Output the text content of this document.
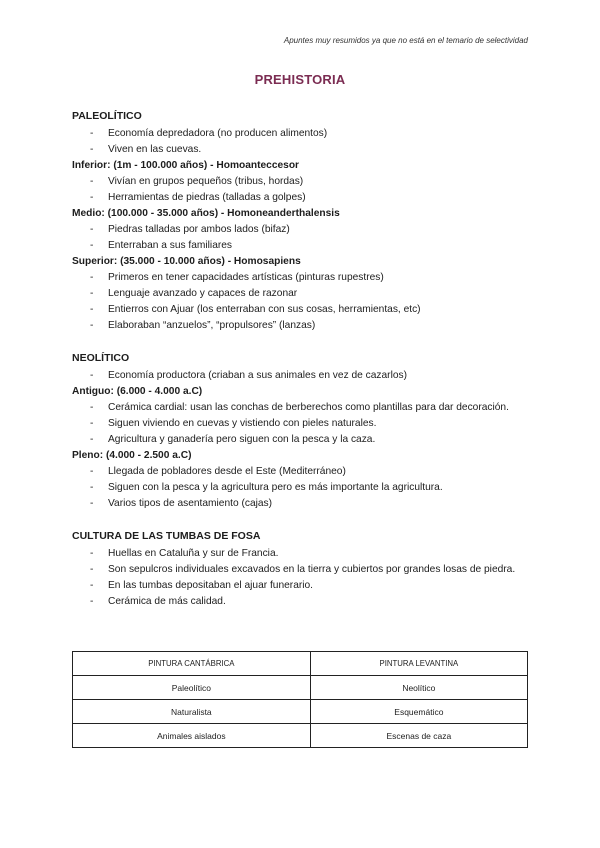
Apuntes muy resumidos ya que no está en el temario de selectividad
PREHISTORIA
PALEOLÍTICO
- Economía depredadora (no producen alimentos)
- Viven en las cuevas.
Inferior: (1m - 100.000 años) - Homoanteccesor
- Vivían en grupos pequeños (tribus, hordas)
- Herramientas de piedras (talladas a golpes)
Medio: (100.000 - 35.000 años) - Homoneanderthalensis
- Piedras talladas por ambos lados (bifaz)
- Enterraban a sus familiares
Superior: (35.000 - 10.000 años) - Homosapiens
- Primeros en tener capacidades artísticas (pinturas rupestres)
- Lenguaje avanzado y capaces de razonar
- Entierros con Ajuar (los enterraban con sus cosas, herramientas, etc)
- Elaboraban “anzuelos”, “propulsores” (lanzas)
NEOLÍTICO
- Economía productora (criaban a sus animales en vez de cazarlos)
Antiguo: (6.000 - 4.000 a.C)
- Cerámica cardial: usan las conchas de berberechos como plantillas para dar decoración.
- Siguen viviendo en cuevas y vistiendo con pieles naturales.
- Agricultura y ganadería pero siguen con la pesca y la caza.
Pleno: (4.000 - 2.500 a.C)
- Llegada de pobladores desde el Este (Mediterráneo)
- Siguen con la pesca y la agricultura pero es más importante la agricultura.
- Varios tipos de asentamiento (cajas)
CULTURA DE LAS TUMBAS DE FOSA
- Huellas en Cataluña y sur de Francia.
- Son sepulcros individuales excavados en la tierra y cubiertos por grandes losas de piedra.
- En las tumbas depositaban el ajuar funerario.
- Cerámica de más calidad.
PINTURA CANTÁBRICA	PINTURA LEVANTINA
Paleolítico	Neolítico
Naturalista	Esquemático
Animales aislados	Escenas de caza
